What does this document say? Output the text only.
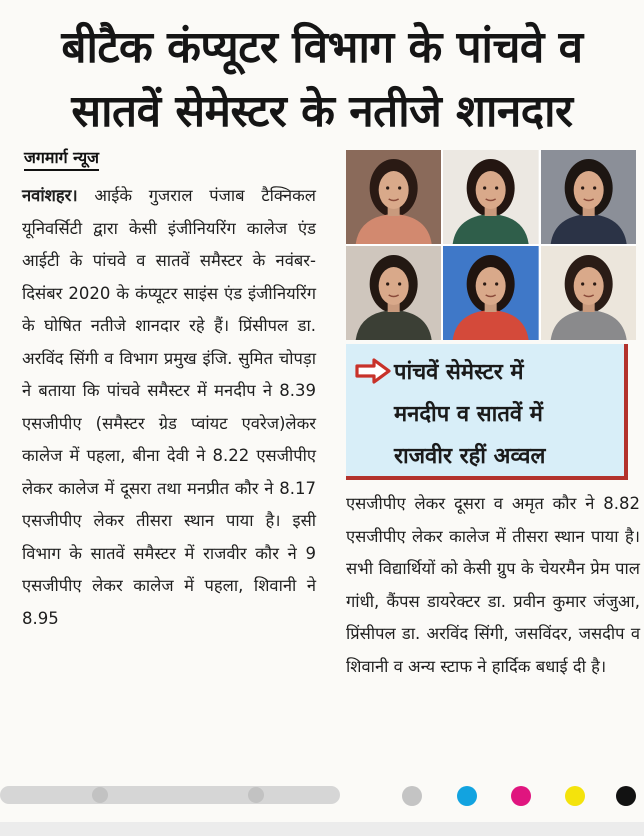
बीटैक कंप्यूटर विभाग के पांचवे व
सातवें सेमेस्टर के नतीजे शानदार
जगमार्ग न्यूज

नवांशहर। आईके गुजराल पंजाब टैक्निकल यूनिवर्सिटी द्वारा केसी इंजीनियरिंग कालेज एंड आईटी के पांचवे व सातवें समैस्टर के नवंबर-दिसंबर 2020 के कंप्यूटर साइंस एंड इंजीनियरिंग के घोषित नतीजे शानदार रहे हैं। प्रिंसीपल डा. अरविंद सिंगी व विभाग प्रमुख इंजि. सुमित चोपड़ा ने बताया कि पांचवे समैस्टर में मनदीप ने 8.39 एसजीपीए (समैस्टर ग्रेड प्वांयट एवरेज)लेकर कालेज में पहला, बीना देवी ने 8.22 एसजीपीए लेकर कालेज में दूसरा तथा मनप्रीत कौर ने 8.17 एसजीपीए लेकर तीसरा स्थान पाया है। इसी विभाग के सातवें समैस्टर में राजवीर कौर ने 9 एसजीपीए लेकर कालेज में पहला, शिवानी ने 8.95

पांचवें सेमेस्टर में
मनदीप व सातवें में
राजवीर रहीं अव्वल
एसजीपीए लेकर दूसरा व अमृत कौर ने 8.82 एसजीपीए लेकर कालेज में तीसरा स्थान पाया है। सभी विद्यार्थियों को केसी ग्रुप के चेयरमैन प्रेम पाल गांधी, कैंपस डायरेक्टर डा. प्रवीन कुमार जंजुआ, प्रिंसीपल डा. अरविंद सिंगी, जसविंदर, जसदीप व शिवानी व अन्य स्टाफ ने हार्दिक बधाई दी है।
